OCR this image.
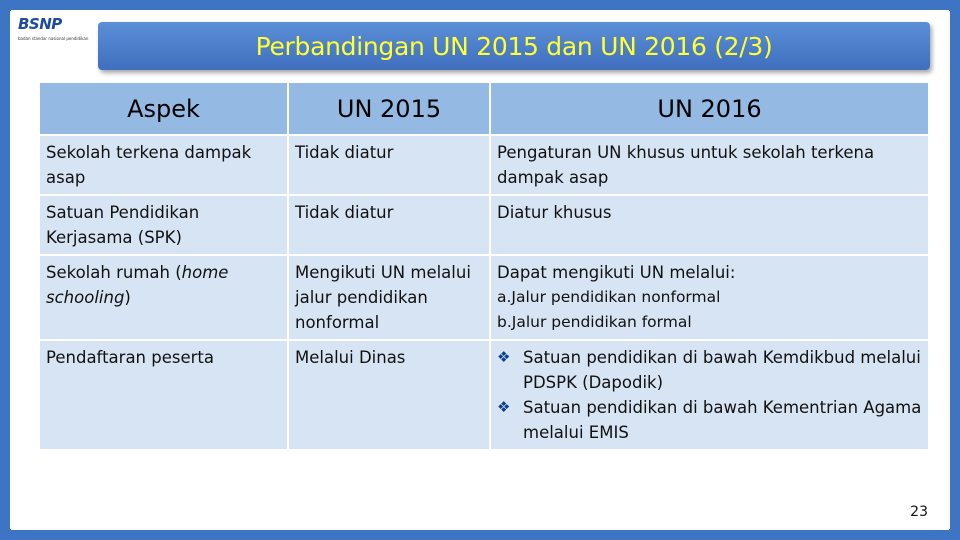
BSNP
badan standar nasional pendidikan	Perbandingan UN 2015 dan UN 2016 (2/3)
Aspek	UN 2015	UN 2016
Sekolah terkena dampak asap	Tidak diatur	Pengaturan UN khusus untuk sekolah terkena dampak asap
Satuan Pendidikan Kerjasama (SPK)	Tidak diatur	Diatur khusus
Sekolah rumah (home schooling)	Mengikuti UN melalui jalur pendidikan nonformal	Dapat mengikuti UN melalui:
a.Jalur pendidikan nonformal
b.Jalur pendidikan formal

Pendaftaran peserta	Melalui Dinas	❖ Satuan pendidikan di bawah Kemdikbud melalui PDSPK (Dapodik)
❖ Satuan pendidikan di bawah Kementrian Agama melalui EMIS
23
